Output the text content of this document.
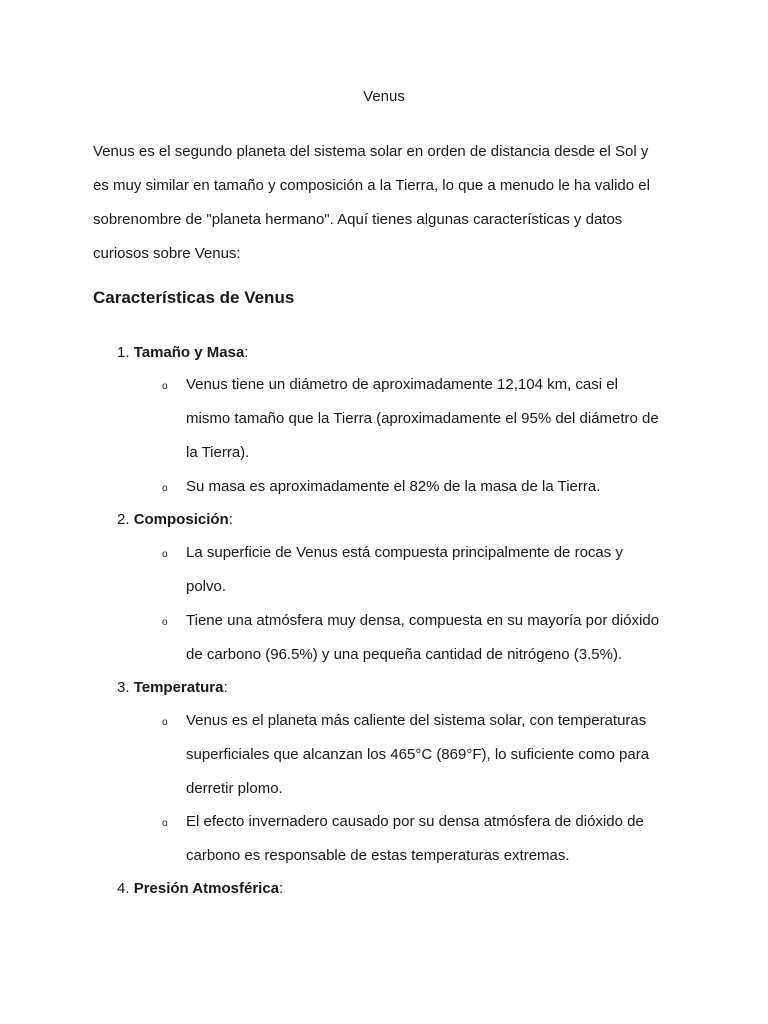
Venus

Venus es el segundo planeta del sistema solar en orden de distancia desde el Sol y
es muy similar en tamaño y composición a la Tierra, lo que a menudo le ha valido el
sobrenombre de "planeta hermano". Aquí tienes algunas características y datos
curiosos sobre Venus:

Características de Venus
1. Tamaño y Masa:
o Venus tiene un diámetro de aproximadamente 12,104 km, casi el
mismo tamaño que la Tierra (aproximadamente el 95% del diámetro de
la Tierra).
o Su masa es aproximadamente el 82% de la masa de la Tierra.
2. Composición:
o La superficie de Venus está compuesta principalmente de rocas y
polvo.
o Tiene una atmósfera muy densa, compuesta en su mayoría por dióxido
de carbono (96.5%) y una pequeña cantidad de nitrógeno (3.5%).
3. Temperatura:
o Venus es el planeta más caliente del sistema solar, con temperaturas
superficiales que alcanzan los 465°C (869°F), lo suficiente como para
derretir plomo.
o El efecto invernadero causado por su densa atmósfera de dióxido de
carbono es responsable de estas temperaturas extremas.
4. Presión Atmosférica:
